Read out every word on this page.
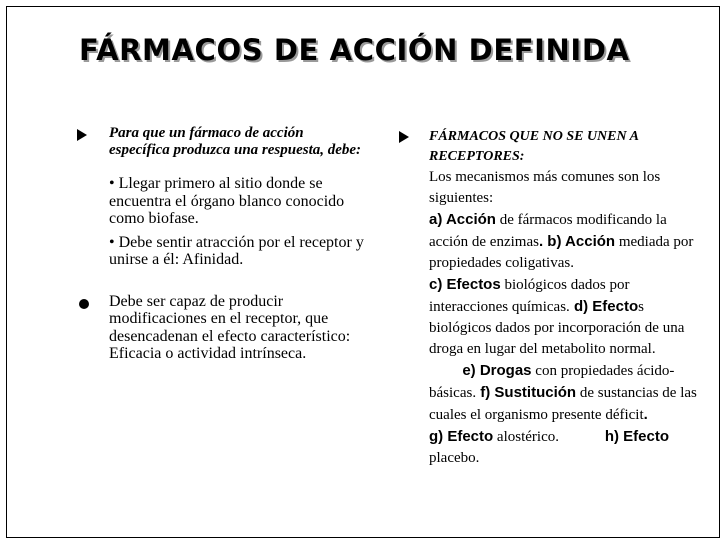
FÁRMACOS DE ACCIÓN DEFINIDA
Para que un fármaco de acción específica produzca una respuesta, debe:
• Llegar primero al sitio donde se encuentra el órgano blanco conocido como biofase.
• Debe sentir atracción por el receptor y unirse a él: Afinidad.
Debe ser capaz de producir modificaciones en el receptor, que desencadenan el efecto característico: Eficacia o actividad intrínseca.
FÁRMACOS QUE NO SE UNEN A RECEPTORES:
Los mecanismos más comunes son los siguientes:
a) Acción de fármacos modificando la acción de enzimas. b) Acción mediada por propiedades coligativas.
c) Efectos biológicos dados por interacciones químicas. d) Efectos biológicos dados por incorporación de una droga en lugar del metabolito normal.        e) Drogas con propiedades ácido-básicas. f) Sustitución de sustancias de las cuales el organismo presente déficit.
g) Efecto alostérico.           h) Efecto placebo.
